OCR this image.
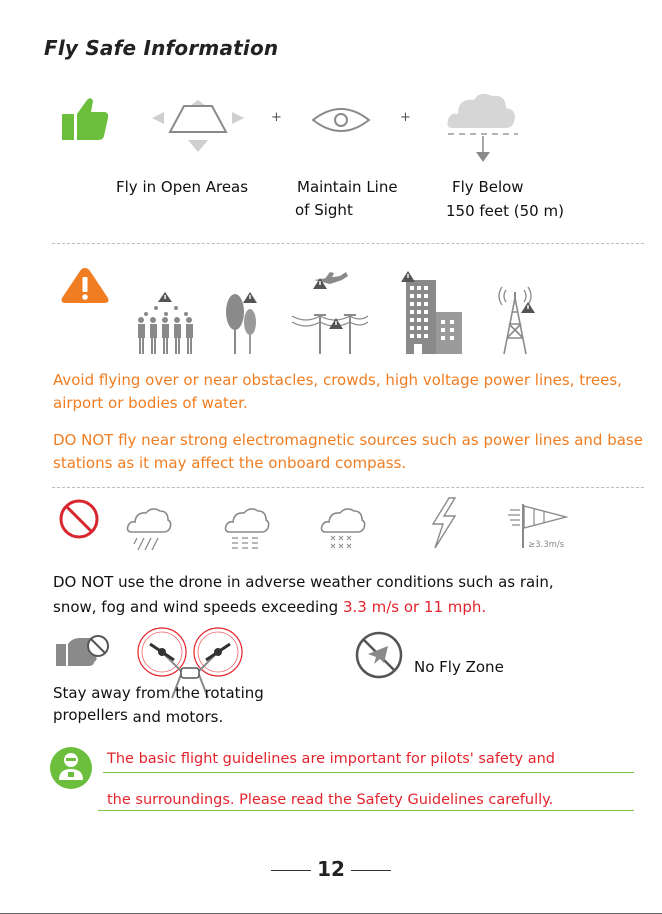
Fly Safe Information
+	+
Fly in Open Areas	Maintain Line
of Sight
Fly Below
150 feet (50 m)
Avoid flying over or near obstacles, crowds, high voltage power lines, trees, airport or bodies of water.
DO NOT fly near strong electromagnetic sources such as power lines and base stations as it may affect the onboard compass.
≥3.3m/s
DO NOT use the drone in adverse weather conditions such as rain,
snow, fog and wind speeds exceeding 3.3 m/s or 11 mph.
Stay away from the rotating
propellers and motors.
No Fly Zone
The basic flight guidelines are important for pilots' safety and
the surroundings. Please read the Safety Guidelines carefully.
12
